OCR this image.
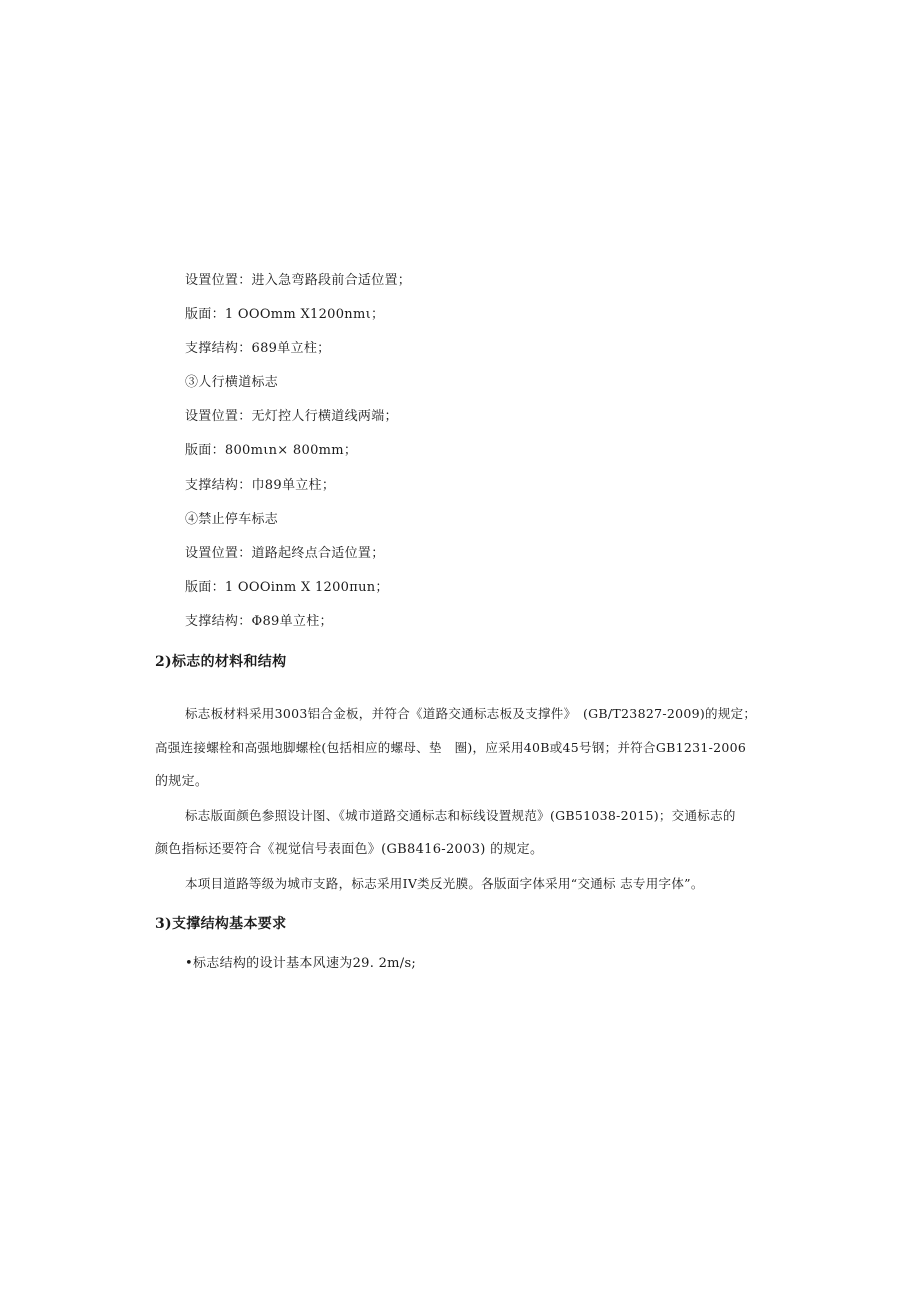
设置位置：进入急弯路段前合适位置；
版面：1 OOOmm X1200nmι；
支撑结构：689单立柱；
③人行横道标志
设置位置：无灯控人行横道线两端；
版面：800mιn× 800mm；
支撑结构：巾89单立柱；
④禁止停车标志
设置位置：道路起终点合适位置；
版面：1 OOOinm X 1200πun；
支撑结构：Φ89单立柱；
2)标志的材料和结构
标志板材料采用3003铝合金板，并符合《道路交通标志板及支撑件》　(GB/T23827-2009)的规定；
高强连接螺栓和高强地脚螺栓(包括相应的螺母、垫　圈)，应采用40B或45号钢；并符合GB1231-2006
的规定。
标志版面颜色参照设计图、《城市道路交通标志和标线设置规范》(GB51038-2015)；交通标志的
颜色指标还要符合《视觉信号表面色》(GB8416-2003) 的规定。
本项目道路等级为城市支路，标志采用IV类反光膜。各版面字体采用“交通标 志专用字体”。
3)支撑结构基本要求
•标志结构的设计基本风速为29. 2m∕s;
